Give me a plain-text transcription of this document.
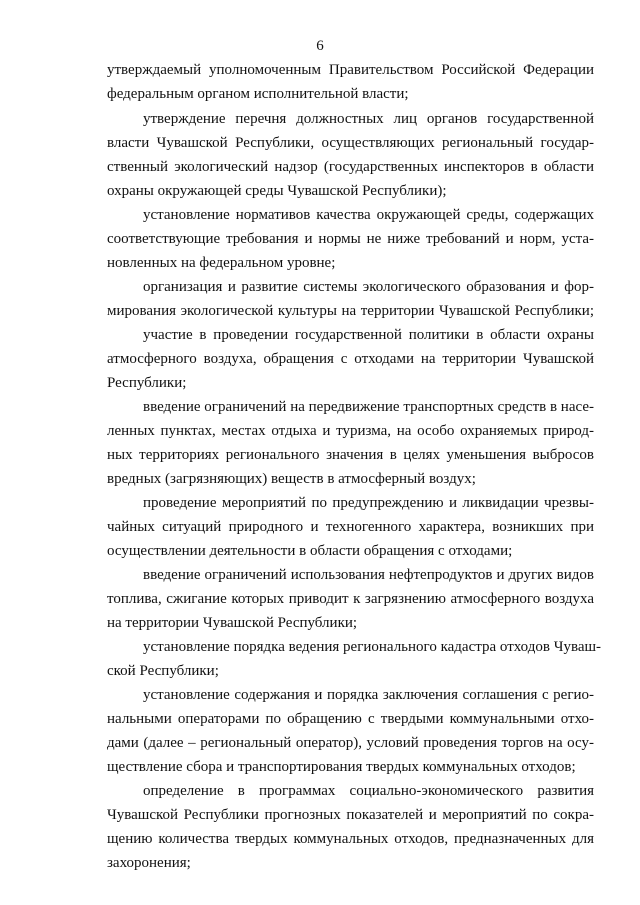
6
утверждаемый уполномоченным Правительством Российской Федерации
федеральным органом исполнительной власти;
утверждение перечня должностных лиц органов государственной
власти Чувашской Республики, осуществляющих региональный государ-
ственный экологический надзор (государственных инспекторов в области
охраны окружающей среды Чувашской Республики);
установление нормативов качества окружающей среды, содержащих
соответствующие требования и нормы не ниже требований и норм, уста-
новленных на федеральном уровне;
организация и развитие системы экологического образования и фор-
мирования экологической культуры на территории Чувашской Республики;
участие в проведении государственной политики в области охраны
атмосферного воздуха, обращения с отходами на территории Чувашской
Республики;
введение ограничений на передвижение транспортных средств в насе-
ленных пунктах, местах отдыха и туризма, на особо охраняемых природ-
ных территориях регионального значения в целях уменьшения выбросов
вредных (загрязняющих) веществ в атмосферный воздух;
проведение мероприятий по предупреждению и ликвидации чрезвы-
чайных ситуаций природного и техногенного характера, возникших при
осуществлении деятельности в области обращения с отходами;
введение ограничений использования нефтепродуктов и других видов
топлива, сжигание которых приводит к загрязнению атмосферного воздуха
на территории Чувашской Республики;
установление порядка ведения регионального кадастра отходов Чуваш-
ской Республики;
установление содержания и порядка заключения соглашения с регио-
нальными операторами по обращению с твердыми коммунальными отхо-
дами (далее – региональный оператор), условий проведения торгов на осу-
ществление сбора и транспортирования твердых коммунальных отходов;
определение в программах социально-экономического развития
Чувашской Республики прогнозных показателей и мероприятий по сокра-
щению количества твердых коммунальных отходов, предназначенных для
захоронения;
